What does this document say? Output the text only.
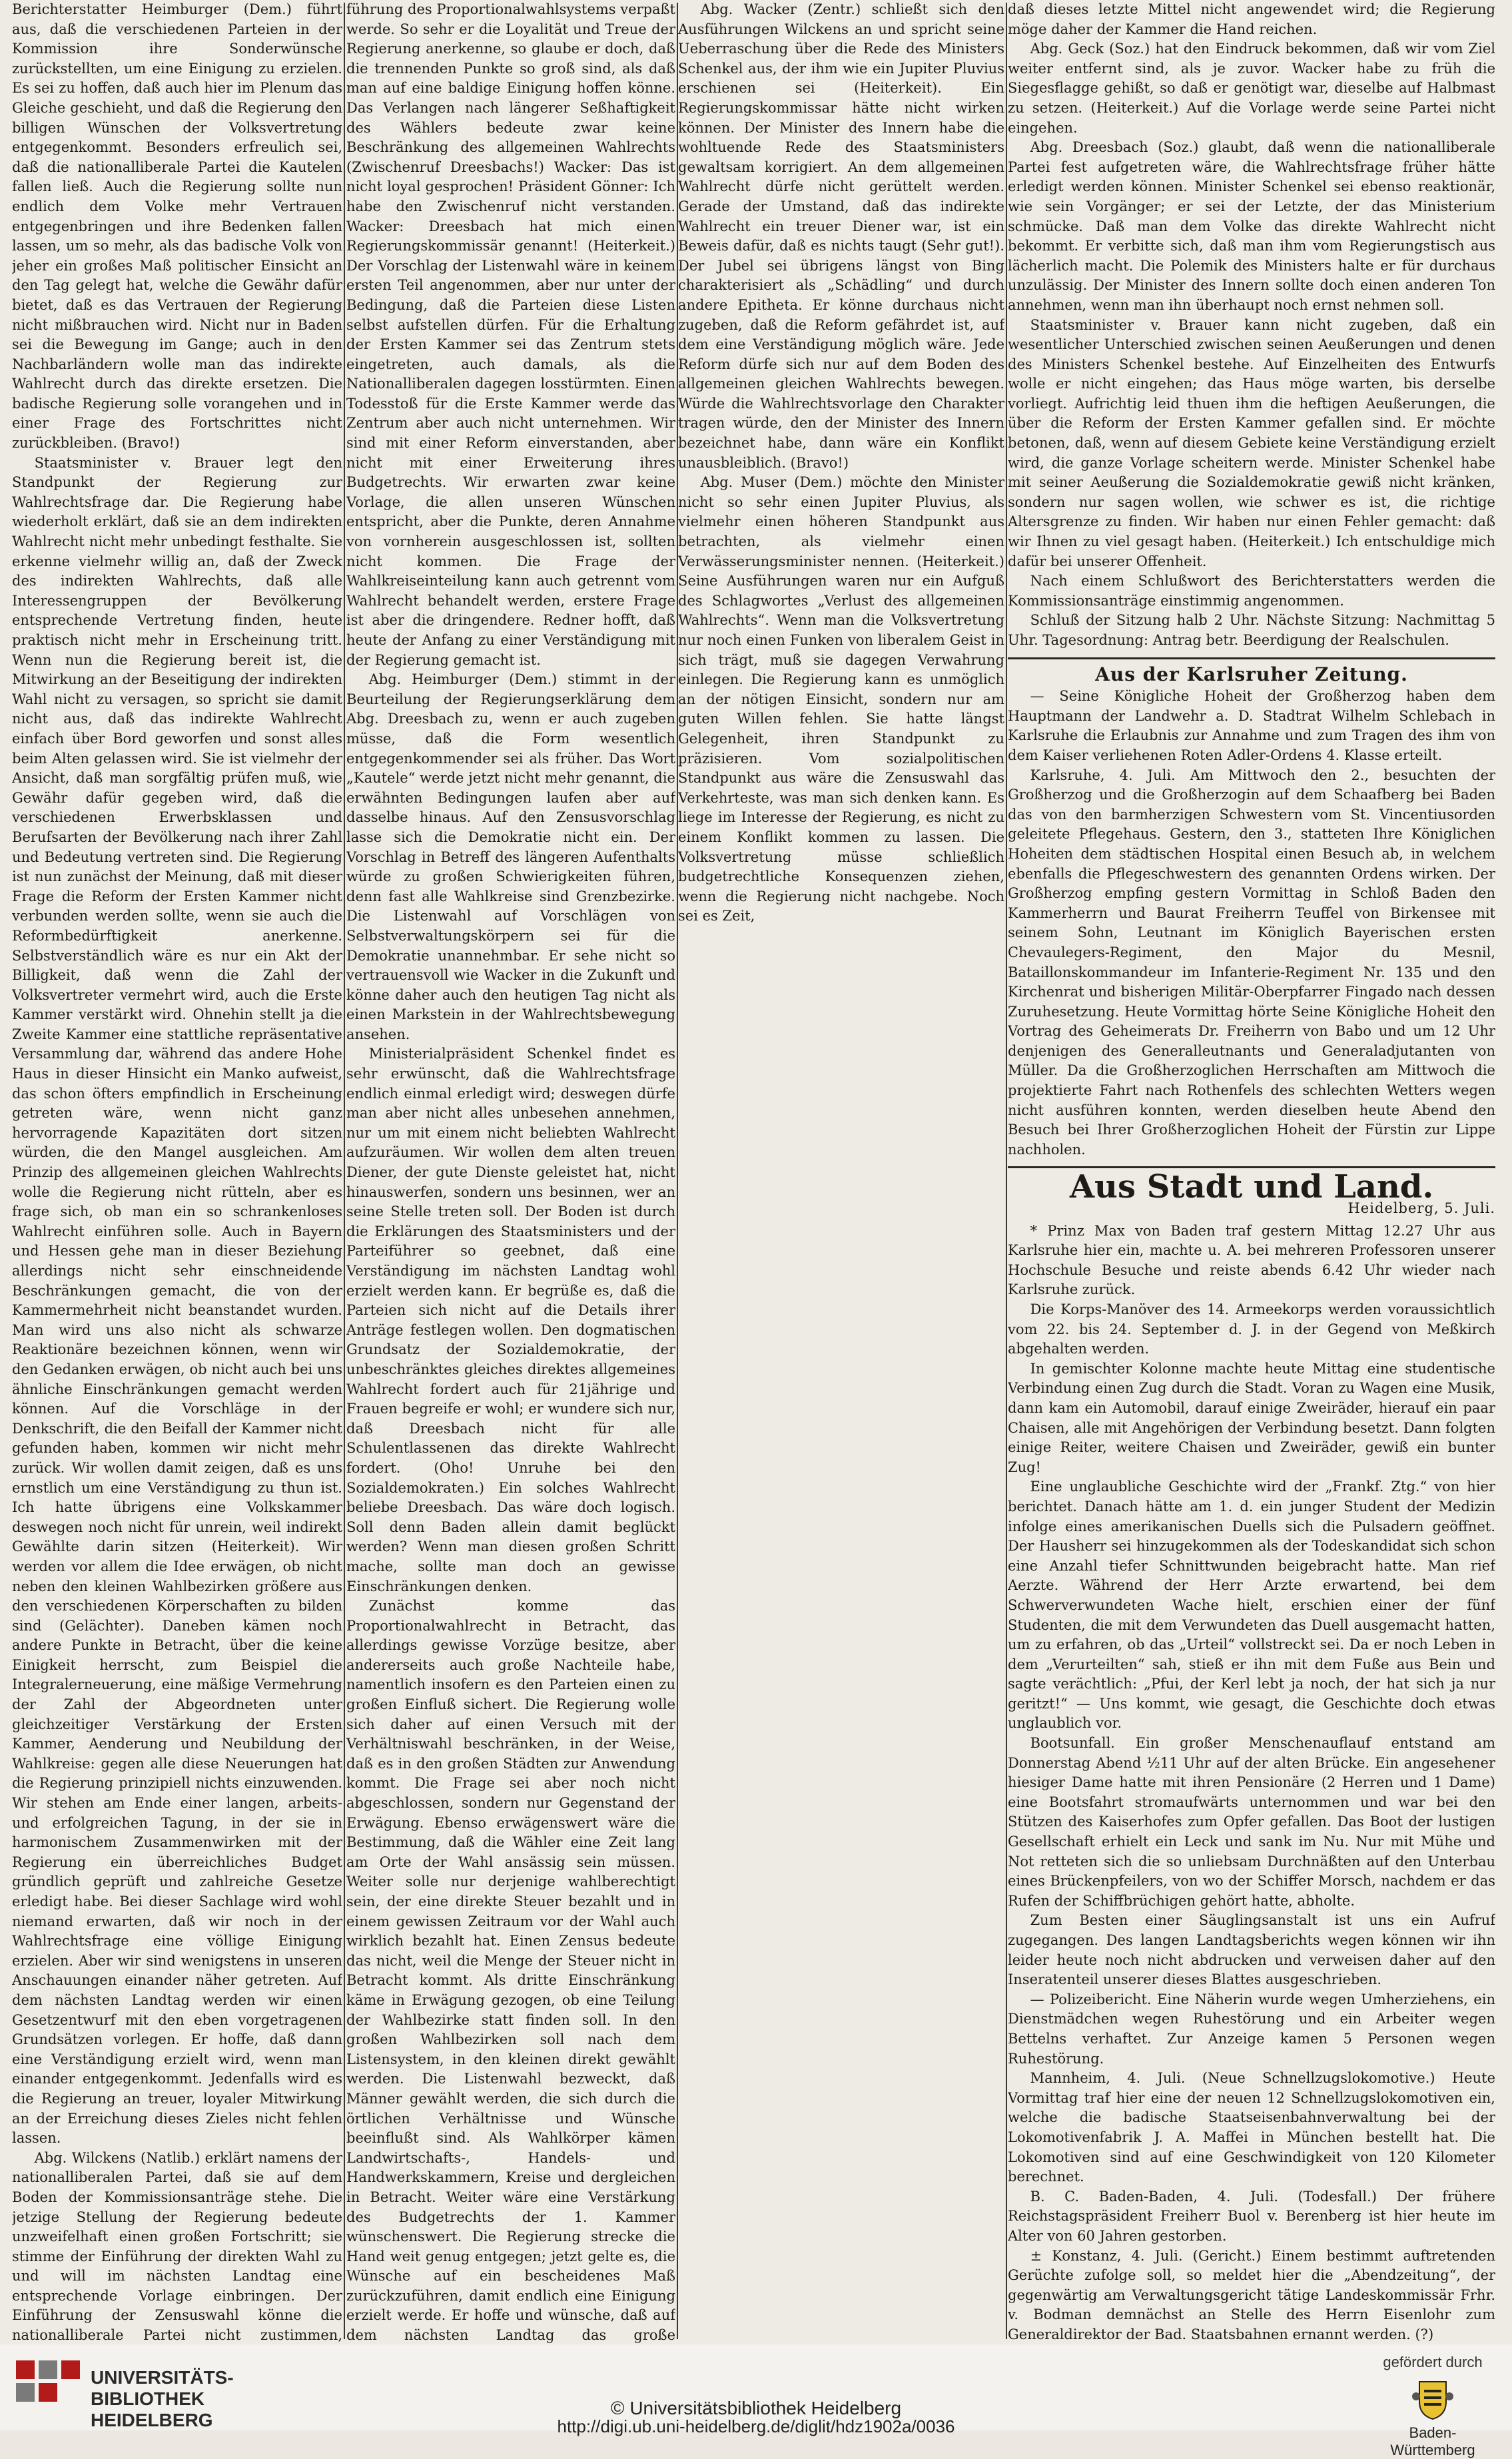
Berichterstatter Heimburger (Dem.) führt aus, daß die verschiedenen Parteien in der Kommission ihre Sonderwünsche zurückstellten, um eine Einigung zu erzielen. Es sei zu hoffen, daß auch hier im Plenum das Gleiche geschieht, und daß die Regierung den billigen Wünschen der Volksvertretung entgegenkommt. Besonders erfreulich sei, daß die nationalliberale Partei die Kautelen fallen ließ. Auch die Regierung sollte nun endlich dem Volke mehr Vertrauen entgegenbringen und ihre Bedenken fallen lassen, um so mehr, als das badische Volk von jeher ein großes Maß politischer Einsicht an den Tag gelegt hat, welche die Gewähr dafür bietet, daß es das Vertrauen der Regierung nicht mißbrauchen wird. Nicht nur in Baden sei die Bewegung im Gange; auch in den Nachbarländern wolle man das indirekte Wahlrecht durch das direkte ersetzen. Die badische Regierung solle vorangehen und in einer Frage des Fortschrittes nicht zurückbleiben. (Bravo!)

Staatsminister v. Brauer legt den Standpunkt der Regierung zur Wahlrechtsfrage dar. Die Regierung habe wiederholt erklärt, daß sie an dem indirekten Wahlrecht nicht mehr unbedingt festhalte. Sie erkenne vielmehr willig an, daß der Zweck des indirekten Wahlrechts, daß alle Interessengruppen der Bevölkerung entsprechende Vertretung finden, heute praktisch nicht mehr in Erscheinung tritt. Wenn nun die Regierung bereit ist, die Mitwirkung an der Beseitigung der indirekten Wahl nicht zu versagen, so spricht sie damit nicht aus, daß das indirekte Wahlrecht einfach über Bord geworfen und sonst alles beim Alten gelassen wird. Sie ist vielmehr der Ansicht, daß man sorgfältig prüfen muß, wie Gewähr dafür gegeben wird, daß die verschiedenen Erwerbsklassen und Berufsarten der Bevölkerung nach ihrer Zahl und Bedeutung vertreten sind. Die Regierung ist nun zunächst der Meinung, daß mit dieser Frage die Reform der Ersten Kammer nicht verbunden werden sollte, wenn sie auch die Reformbedürftigkeit anerkenne. Selbstverständlich wäre es nur ein Akt der Billigkeit, daß wenn die Zahl der Volksvertreter vermehrt wird, auch die Erste Kammer verstärkt wird. Ohnehin stellt ja die Zweite Kammer eine stattliche repräsentative Versammlung dar, während das andere Hohe Haus in dieser Hinsicht ein Manko aufweist, das schon öfters empfindlich in Erscheinung getreten wäre, wenn nicht ganz hervorragende Kapazitäten dort sitzen würden, die den Mangel ausgleichen. Am Prinzip des allgemeinen gleichen Wahlrechts wolle die Regierung nicht rütteln, aber es frage sich, ob man ein so schrankenloses Wahlrecht einführen solle. Auch in Bayern und Hessen gehe man in dieser Beziehung allerdings nicht sehr einschneidende Beschränkungen gemacht, die von der Kammermehrheit nicht beanstandet wurden. Man wird uns also nicht als schwarze Reaktionäre bezeichnen können, wenn wir den Gedanken erwägen, ob nicht auch bei uns ähnliche Einschränkungen gemacht werden können. Auf die Vorschläge in der Denkschrift, die den Beifall der Kammer nicht gefunden haben, kommen wir nicht mehr zurück. Wir wollen damit zeigen, daß es uns ernstlich um eine Verständigung zu thun ist. Ich hatte übrigens eine Volkskammer deswegen noch nicht für unrein, weil indirekt Gewählte darin sitzen (Heiterkeit). Wir werden vor allem die Idee erwägen, ob nicht neben den kleinen Wahlbezirken größere aus den verschiedenen Körperschaften zu bilden sind (Gelächter). Daneben kämen noch andere Punkte in Betracht, über die keine Einigkeit herrscht, zum Beispiel die Integralerneuerung, eine mäßige Vermehrung der Zahl der Abgeordneten unter gleichzeitiger Verstärkung der Ersten Kammer, Aenderung und Neubildung der Wahlkreise: gegen alle diese Neuerungen hat die Regierung prinzipiell nichts einzuwenden. Wir stehen am Ende einer langen, arbeits- und erfolgreichen Tagung, in der sie in harmonischem Zusammenwirken mit der Regierung ein überreichliches Budget gründlich geprüft und zahlreiche Gesetze erledigt habe. Bei dieser Sachlage wird wohl niemand erwarten, daß wir noch in der Wahlrechtsfrage eine völlige Einigung erzielen. Aber wir sind wenigstens in unseren Anschauungen einander näher getreten. Auf dem nächsten Landtag werden wir einen Gesetzentwurf mit den eben vorgetragenen Grundsätzen vorlegen. Er hoffe, daß dann eine Verständigung erzielt wird, wenn man einander entgegenkommt. Jedenfalls wird es die Regierung an treuer, loyaler Mitwirkung an der Erreichung dieses Zieles nicht fehlen lassen.

Abg. Wilckens (Natlib.) erklärt namens der nationalliberalen Partei, daß sie auf dem Boden der Kommissionsanträge stehe. Die jetzige Stellung der Regierung bedeute unzweifelhaft einen großen Fortschritt; sie stimme der Einführung der direkten Wahl zu und will im nächsten Landtag eine entsprechende Vorlage einbringen. Der Einführung der Zensuswahl könne die nationalliberale Partei nicht zustimmen,

führung des Proportionalwahlsystems verpaßt werde. So sehr er die Loyalität und Treue der Regierung anerkenne, so glaube er doch, daß die trennenden Punkte so groß sind, als daß man auf eine baldige Einigung hoffen könne. Das Verlangen nach längerer Seßhaftigkeit des Wählers bedeute zwar keine Beschränkung des allgemeinen Wahlrechts (Zwischenruf Dreesbachs!) Wacker: Das ist nicht loyal gesprochen! Präsident Gönner: Ich habe den Zwischenruf nicht verstanden. Wacker: Dreesbach hat mich einen Regierungskommissär genannt! (Heiterkeit.) Der Vorschlag der Listenwahl wäre in keinem ersten Teil angenommen, aber nur unter der Bedingung, daß die Parteien diese Listen selbst aufstellen dürfen. Für die Erhaltung der Ersten Kammer sei das Zentrum stets eingetreten, auch damals, als die Nationalliberalen dagegen losstürmten. Einen Todesstoß für die Erste Kammer werde das Zentrum aber auch nicht unternehmen. Wir sind mit einer Reform einverstanden, aber nicht mit einer Erweiterung ihres Budgetrechts. Wir erwarten zwar keine Vorlage, die allen unseren Wünschen entspricht, aber die Punkte, deren Annahme von vornherein ausgeschlossen ist, sollten nicht kommen. Die Frage der Wahlkreiseinteilung kann auch getrennt vom Wahlrecht behandelt werden, erstere Frage ist aber die dringendere. Redner hofft, daß heute der Anfang zu einer Verständigung mit der Regierung gemacht ist.

Abg. Heimburger (Dem.) stimmt in der Beurteilung der Regierungserklärung dem Abg. Dreesbach zu, wenn er auch zugeben müsse, daß die Form wesentlich entgegenkommender sei als früher. Das Wort „Kautele“ werde jetzt nicht mehr genannt, die erwähnten Bedingungen laufen aber auf dasselbe hinaus. Auf den Zensusvorschlag lasse sich die Demokratie nicht ein. Der Vorschlag in Betreff des längeren Aufenthalts würde zu großen Schwierigkeiten führen, denn fast alle Wahlkreise sind Grenzbezirke. Die Listenwahl auf Vorschlägen von Selbstverwaltungskörpern sei für die Demokratie unannehmbar. Er sehe nicht so vertrauensvoll wie Wacker in die Zukunft und könne daher auch den heutigen Tag nicht als einen Markstein in der Wahlrechtsbewegung ansehen.

Ministerialpräsident Schenkel findet es sehr erwünscht, daß die Wahlrechtsfrage endlich einmal erledigt wird; deswegen dürfe man aber nicht alles unbesehen annehmen, nur um mit einem nicht beliebten Wahlrecht aufzuräumen. Wir wollen dem alten treuen Diener, der gute Dienste geleistet hat, nicht hinauswerfen, sondern uns besinnen, wer an seine Stelle treten soll. Der Boden ist durch die Erklärungen des Staatsministers und der Parteiführer so geebnet, daß eine Verständigung im nächsten Landtag wohl erzielt werden kann. Er begrüße es, daß die Parteien sich nicht auf die Details ihrer Anträge festlegen wollen. Den dogmatischen Grundsatz der Sozialdemokratie, der unbeschränktes gleiches direktes allgemeines Wahlrecht fordert auch für 21jährige und Frauen begreife er wohl; er wundere sich nur, daß Dreesbach nicht für alle Schulentlassenen das direkte Wahlrecht fordert. (Oho! Unruhe bei den Sozialdemokraten.) Ein solches Wahlrecht beliebe Dreesbach. Das wäre doch logisch. Soll denn Baden allein damit beglückt werden? Wenn man diesen großen Schritt mache, sollte man doch an gewisse Einschränkungen denken.

Zunächst komme das Proportionalwahlrecht in Betracht, das allerdings gewisse Vorzüge besitze, aber andererseits auch große Nachteile habe, namentlich insofern es den Parteien einen zu großen Einfluß sichert. Die Regierung wolle sich daher auf einen Versuch mit der Verhältniswahl beschränken, in der Weise, daß es in den großen Städten zur Anwendung kommt. Die Frage sei aber noch nicht abgeschlossen, sondern nur Gegenstand der Erwägung. Ebenso erwägenswert wäre die Bestimmung, daß die Wähler eine Zeit lang am Orte der Wahl ansässig sein müssen. Weiter solle nur derjenige wahlberechtigt sein, der eine direkte Steuer bezahlt und in einem gewissen Zeitraum vor der Wahl auch wirklich bezahlt hat. Einen Zensus bedeute das nicht, weil die Menge der Steuer nicht in Betracht kommt. Als dritte Einschränkung käme in Erwägung gezogen, ob eine Teilung der Wahlbezirke statt finden soll. In den großen Wahlbezirken soll nach dem Listensystem, in den kleinen direkt gewählt werden. Die Listenwahl bezweckt, daß Männer gewählt werden, die sich durch die örtlichen Verhältnisse und Wünsche beeinflußt sind. Als Wahlkörper kämen Landwirtschafts-, Handels- und Handwerkskammern, Kreise und dergleichen in Betracht. Weiter wäre eine Verstärkung des Budgetrechts der 1. Kammer wünschenswert. Die Regierung strecke die Hand weit genug entgegen; jetzt gelte es, die Wünsche auf ein bescheidenes Maß zurückzuführen, damit endlich eine Einigung erzielt werde. Er hoffe und wünsche, daß auf dem nächsten Landtag das große

Abg. Wacker (Zentr.) schließt sich den Ausführungen Wilckens an und spricht seine Ueberraschung über die Rede des Ministers Schenkel aus, der ihm wie ein Jupiter Pluvius erschienen sei (Heiterkeit). Ein Regierungskommissar hätte nicht wirken können. Der Minister des Innern habe die wohltuende Rede des Staatsministers gewaltsam korrigiert. An dem allgemeinen Wahlrecht dürfe nicht gerüttelt werden. Gerade der Umstand, daß das indirekte Wahlrecht ein treuer Diener war, ist ein Beweis dafür, daß es nichts taugt (Sehr gut!). Der Jubel sei übrigens längst von Bing charakterisiert als „Schädling“ und durch andere Epitheta. Er könne durchaus nicht zugeben, daß die Reform gefährdet ist, auf dem eine Verständigung möglich wäre. Jede Reform dürfe sich nur auf dem Boden des allgemeinen gleichen Wahlrechts bewegen. Würde die Wahlrechtsvorlage den Charakter tragen würde, den der Minister des Innern bezeichnet habe, dann wäre ein Konflikt unausbleiblich. (Bravo!)

Abg. Muser (Dem.) möchte den Minister nicht so sehr einen Jupiter Pluvius, als vielmehr einen höheren Standpunkt aus betrachten, als vielmehr einen Verwässerungsminister nennen. (Heiterkeit.) Seine Ausführungen waren nur ein Aufguß des Schlagwortes „Verlust des allgemeinen Wahlrechts“. Wenn man die Volksvertretung nur noch einen Funken von liberalem Geist in sich trägt, muß sie dagegen Verwahrung einlegen. Die Regierung kann es unmöglich an der nötigen Einsicht, sondern nur am guten Willen fehlen. Sie hatte längst Gelegenheit, ihren Standpunkt zu präzisieren. Vom sozialpolitischen Standpunkt aus wäre die Zensuswahl das Verkehrteste, was man sich denken kann. Es liege im Interesse der Regierung, es nicht zu einem Konflikt kommen zu lassen. Die Volksvertretung müsse schließlich budgetrechtliche Konsequenzen ziehen, wenn die Regierung nicht nachgebe. Noch sei es Zeit,

daß dieses letzte Mittel nicht angewendet wird; die Regierung möge daher der Kammer die Hand reichen.

Abg. Geck (Soz.) hat den Eindruck bekommen, daß wir vom Ziel weiter entfernt sind, als je zuvor. Wacker habe zu früh die Siegesflagge gehißt, so daß er genötigt war, dieselbe auf Halbmast zu setzen. (Heiterkeit.) Auf die Vorlage werde seine Partei nicht eingehen.

Abg. Dreesbach (Soz.) glaubt, daß wenn die nationalliberale Partei fest aufgetreten wäre, die Wahlrechtsfrage früher hätte erledigt werden können. Minister Schenkel sei ebenso reaktionär, wie sein Vorgänger; er sei der Letzte, der das Ministerium schmücke. Daß man dem Volke das direkte Wahlrecht nicht bekommt. Er verbitte sich, daß man ihm vom Regierungstisch aus lächerlich macht. Die Polemik des Ministers halte er für durchaus unzulässig. Der Minister des Innern sollte doch einen anderen Ton annehmen, wenn man ihn überhaupt noch ernst nehmen soll.

Staatsminister v. Brauer kann nicht zugeben, daß ein wesentlicher Unterschied zwischen seinen Aeußerungen und denen des Ministers Schenkel bestehe. Auf Einzelheiten des Entwurfs wolle er nicht eingehen; das Haus möge warten, bis derselbe vorliegt. Aufrichtig leid thuen ihm die heftigen Aeußerungen, die über die Reform der Ersten Kammer gefallen sind. Er möchte betonen, daß, wenn auf diesem Gebiete keine Verständigung erzielt wird, die ganze Vorlage scheitern werde. Minister Schenkel habe mit seiner Aeußerung die Sozialdemokratie gewiß nicht kränken, sondern nur sagen wollen, wie schwer es ist, die richtige Altersgrenze zu finden. Wir haben nur einen Fehler gemacht: daß wir Ihnen zu viel gesagt haben. (Heiterkeit.) Ich entschuldige mich dafür bei unserer Offenheit.

Nach einem Schlußwort des Berichterstatters werden die Kommissionsanträge einstimmig angenommen.

Schluß der Sitzung halb 2 Uhr. Nächste Sitzung: Nachmittag 5 Uhr. Tagesordnung: Antrag betr. Beerdigung der Realschulen.

Aus der Karlsruher Zeitung.

— Seine Königliche Hoheit der Großherzog haben dem Hauptmann der Landwehr a. D. Stadtrat Wilhelm Schlebach in Karlsruhe die Erlaubnis zur Annahme und zum Tragen des ihm von dem Kaiser verliehenen Roten Adler-Ordens 4. Klasse erteilt.

Karlsruhe, 4. Juli. Am Mittwoch den 2., besuchten der Großherzog und die Großherzogin auf dem Schaafberg bei Baden das von den barmherzigen Schwestern vom St. Vincentiusorden geleitete Pflegehaus. Gestern, den 3., statteten Ihre Königlichen Hoheiten dem städtischen Hospital einen Besuch ab, in welchem ebenfalls die Pflegeschwestern des genannten Ordens wirken. Der Großherzog empfing gestern Vormittag in Schloß Baden den Kammerherrn und Baurat Freiherrn Teuffel von Birkensee mit seinem Sohn, Leutnant im Königlich Bayerischen ersten Chevaulegers-Regiment, den Major du Mesnil, Bataillonskommandeur im Infanterie-Regiment Nr. 135 und den Kirchenrat und bisherigen Militär-Oberpfarrer Fingado nach dessen Zuruhesetzung. Heute Vormittag hörte Seine Königliche Hoheit den Vortrag des Geheimerats Dr. Freiherrn von Babo und um 12 Uhr denjenigen des Generalleutnants und Generaladjutanten von Müller. Da die Großherzoglichen Herrschaften am Mittwoch die projektierte Fahrt nach Rothenfels des schlechten Wetters wegen nicht ausführen konnten, werden dieselben heute Abend den Besuch bei Ihrer Großherzoglichen Hoheit der Fürstin zur Lippe nachholen.

Aus Stadt und Land.
Heidelberg, 5. Juli.

* Prinz Max von Baden traf gestern Mittag 12.27 Uhr aus Karlsruhe hier ein, machte u. A. bei mehreren Professoren unserer Hochschule Besuche und reiste abends 6.42 Uhr wieder nach Karlsruhe zurück.

Die Korps-Manöver des 14. Armeekorps werden voraussichtlich vom 22. bis 24. September d. J. in der Gegend von Meßkirch abgehalten werden.

In gemischter Kolonne machte heute Mittag eine studentische Verbindung einen Zug durch die Stadt. Voran zu Wagen eine Musik, dann kam ein Automobil, darauf einige Zweiräder, hierauf ein paar Chaisen, alle mit Angehörigen der Verbindung besetzt. Dann folgten einige Reiter, weitere Chaisen und Zweiräder, gewiß ein bunter Zug!

Eine unglaubliche Geschichte wird der „Frankf. Ztg.“ von hier berichtet. Danach hätte am 1. d. ein junger Student der Medizin infolge eines amerikanischen Duells sich die Pulsadern geöffnet. Der Hausherr sei hinzugekommen als der Todeskandidat sich schon eine Anzahl tiefer Schnittwunden beigebracht hatte. Man rief Aerzte. Während der Herr Arzte erwartend, bei dem Schwerverwundeten Wache hielt, erschien einer der fünf Studenten, die mit dem Verwundeten das Duell ausgemacht hatten, um zu erfahren, ob das „Urteil“ vollstreckt sei. Da er noch Leben in dem „Verurteilten“ sah, stieß er ihn mit dem Fuße aus Bein und sagte verächtlich: „Pfui, der Kerl lebt ja noch, der hat sich ja nur geritzt!“ — Uns kommt, wie gesagt, die Geschichte doch etwas unglaublich vor.

Bootsunfall. Ein großer Menschenauflauf entstand am Donnerstag Abend ½11 Uhr auf der alten Brücke. Ein angesehener hiesiger Dame hatte mit ihren Pensionäre (2 Herren und 1 Dame) eine Bootsfahrt stromaufwärts unternommen und war bei den Stützen des Kaiserhofes zum Opfer gefallen. Das Boot der lustigen Gesellschaft erhielt ein Leck und sank im Nu. Nur mit Mühe und Not retteten sich die so unliebsam Durchnäßten auf den Unterbau eines Brückenpfeilers, von wo der Schiffer Morsch, nachdem er das Rufen der Schiffbrüchigen gehört hatte, abholte.

Zum Besten einer Säuglingsanstalt ist uns ein Aufruf zugegangen. Des langen Landtagsberichts wegen können wir ihn leider heute noch nicht abdrucken und verweisen daher auf den Inseratenteil unserer dieses Blattes ausgeschrieben.

— Polizeibericht. Eine Näherin wurde wegen Umherziehens, ein Dienstmädchen wegen Ruhestörung und ein Arbeiter wegen Bettelns verhaftet. Zur Anzeige kamen 5 Personen wegen Ruhestörung.

Mannheim, 4. Juli. (Neue Schnellzugslokomotive.) Heute Vormittag traf hier eine der neuen 12 Schnellzugslokomotiven ein, welche die badische Staatseisenbahnverwaltung bei der Lokomotivenfabrik J. A. Maffei in München bestellt hat. Die Lokomotiven sind auf eine Geschwindigkeit von 120 Kilometer berechnet.

B. C. Baden-Baden, 4. Juli. (Todesfall.) Der frühere Reichstagspräsident Freiherr Buol v. Berenberg ist hier heute im Alter von 60 Jahren gestorben.

± Konstanz, 4. Juli. (Gericht.) Einem bestimmt auftretenden Gerüchte zufolge soll, so meldet hier die „Abendzeitung“, der gegenwärtig am Verwaltungsgericht tätige Landeskommissär Frhr. v. Bodman demnächst an Stelle des Herrn Eisenlohr zum Generaldirektor der Bad. Staatsbahnen ernannt werden. (?)

UNIVERSITÄTS-
BIBLIOTHEK
HEIDELBERG
© Universitätsbibliothek Heidelberg
http://digi.ub.uni-heidelberg.de/diglit/hdz1902a/0036
gefördert durch
Baden-Württemberg
